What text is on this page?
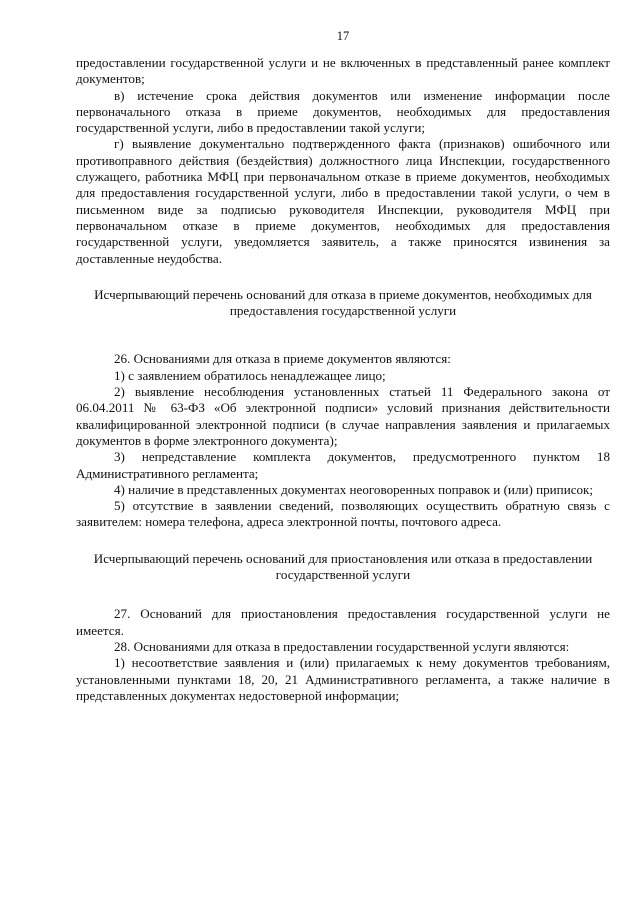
17

предоставлении государственной услуги и не включенных в представленный ранее комплект документов;

в) истечение срока действия документов или изменение информации после первоначального отказа в приеме документов, необходимых для предоставления государственной услуги, либо в предоставлении такой услуги;

г) выявление документально подтвержденного факта (признаков) ошибочного или противоправного действия (бездействия) должностного лица Инспекции, государственного служащего, работника МФЦ при первоначальном отказе в приеме документов, необходимых для предоставления государственной услуги, либо в предоставлении такой услуги, о чем в письменном виде за подписью руководителя Инспекции, руководителя МФЦ при первоначальном отказе в приеме документов, необходимых для предоставления государственной услуги, уведомляется заявитель, а также приносятся извинения за доставленные неудобства.

Исчерпывающий перечень оснований для отказа в приеме документов, необходимых для предоставления государственной услуги

26. Основаниями для отказа в приеме документов являются:

1) с заявлением обратилось ненадлежащее лицо;

2) выявление несоблюдения установленных статьей 11 Федерального закона от 06.04.2011 № 63-ФЗ «Об электронной подписи» условий признания действительности квалифицированной электронной подписи (в случае направления заявления и прилагаемых документов в форме электронного документа);

3) непредставление комплекта документов, предусмотренного пунктом 18 Административного регламента;

4) наличие в представленных документах неоговоренных поправок и (или) приписок;

5) отсутствие в заявлении сведений, позволяющих осуществить обратную связь с заявителем: номера телефона, адреса электронной почты, почтового адреса.

Исчерпывающий перечень оснований для приостановления или отказа в предоставлении государственной услуги

27. Оснований для приостановления предоставления государственной услуги не имеется.

28. Основаниями для отказа в предоставлении государственной услуги являются:

1) несоответствие заявления и (или) прилагаемых к нему документов требованиям, установленными пунктами 18, 20, 21 Административного регламента, а также наличие в представленных документах недостоверной информации;
